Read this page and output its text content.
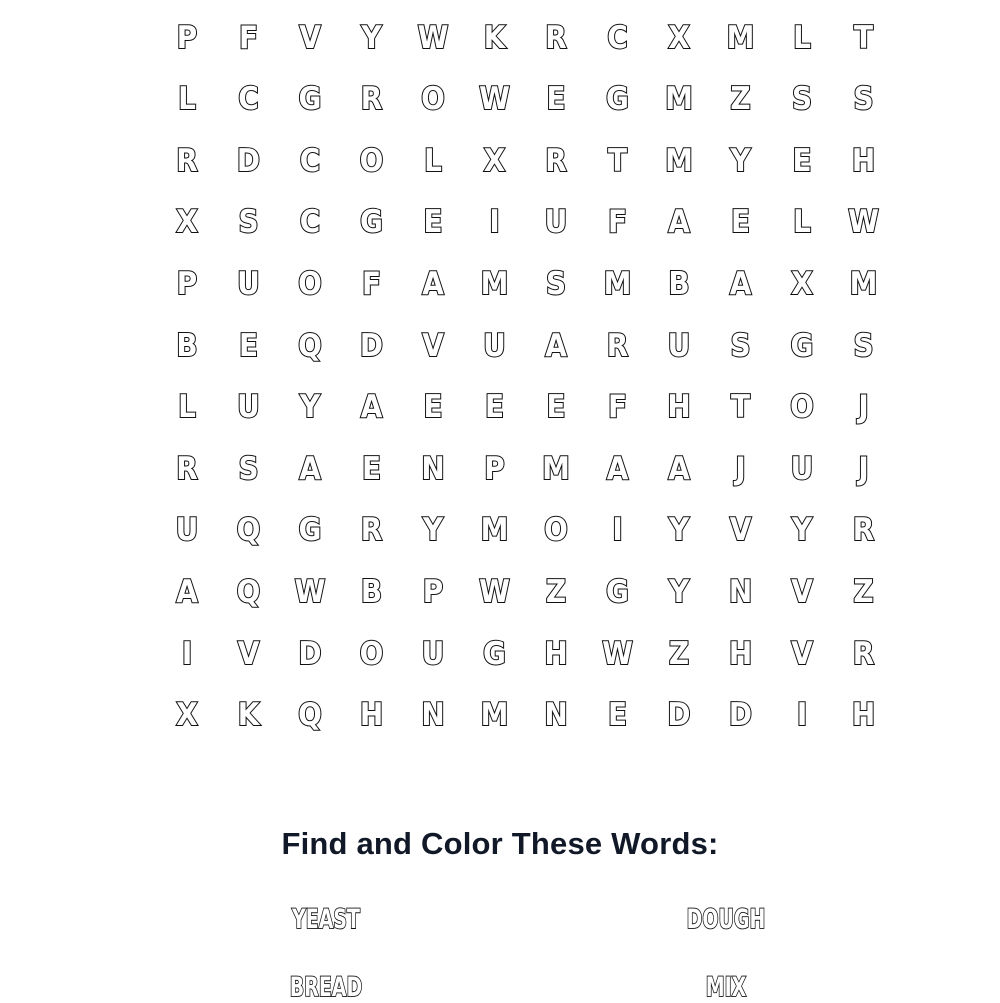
P	F	V	Y	W	K	R	C	X	M	L	T
L	C	G	R	O	W	E	G	M	Z	S	S
R	D	C	O	L	X	R	T	M	Y	E	H
X	S	C	G	E	I	U	F	A	E	L	W
P	U	O	F	A	M	S	M	B	A	X	M
B	E	Q	D	V	U	A	R	U	S	G	S
L	U	Y	A	E	E	E	F	H	T	O	J
R	S	A	E	N	P	M	A	A	J	U	J
U	Q	G	R	Y	M	O	I	Y	V	Y	R
A	Q	W	B	P	W	Z	G	Y	N	V	Z
I	V	D	O	U	G	H	W	Z	H	V	R
X	K	Q	H	N	M	N	E	D	D	I	H
Find and Color These Words:
YEAST	DOUGH
BREAD	MIX
